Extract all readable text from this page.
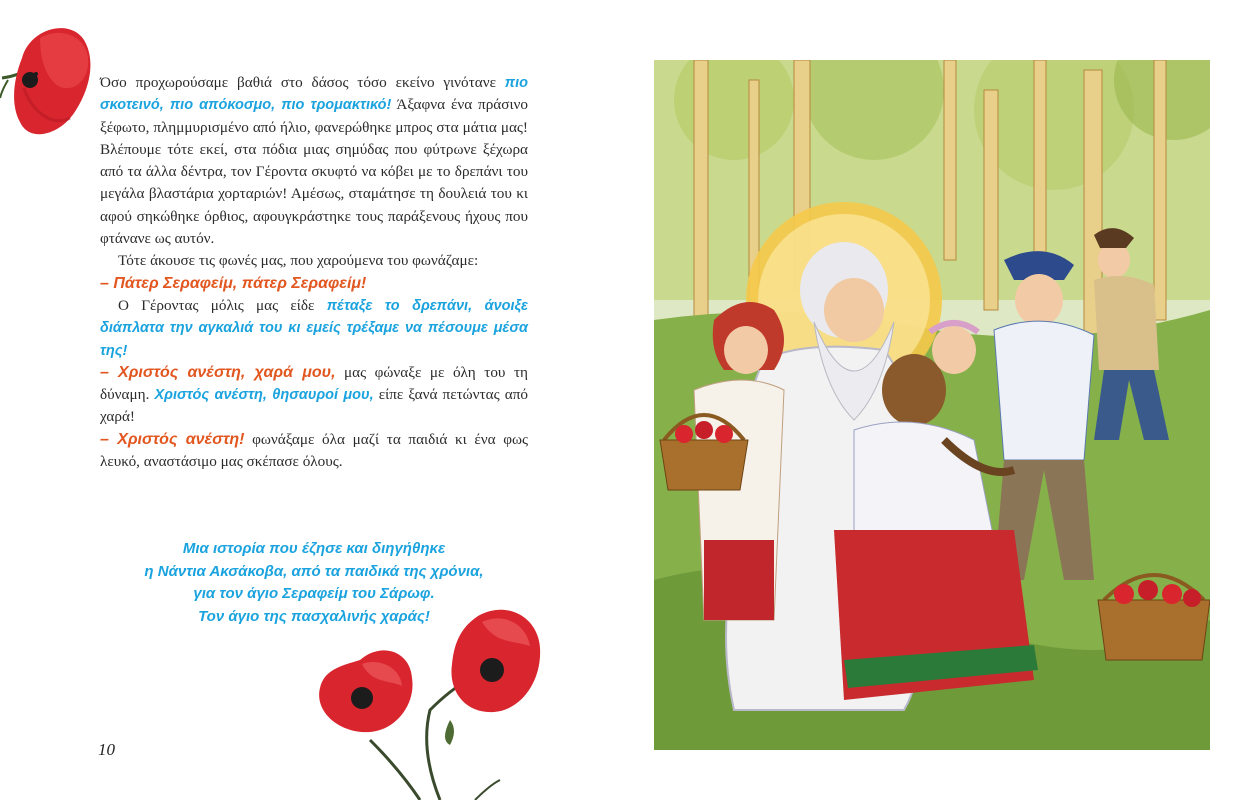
Όσο προχωρούσαμε βαθιά στο δάσος τόσο εκείνο γινότανε πιο σκοτεινό, πιο απόκοσμο, πιο τρομακτικό! Άξαφνα ένα πράσινο ξέφωτο, πλημμυρισμένο από ήλιο, φανερώθηκε μπρος στα μάτια μας! Βλέπουμε τότε εκεί, στα πόδια μιας σημύδας που φύτρωνε ξέχωρα από τα άλλα δέντρα, τον Γέροντα σκυφτό να κόβει με το δρεπάνι του μεγάλα βλαστάρια χορταριών! Αμέσως, σταμάτησε τη δουλειά του κι αφού σηκώθηκε όρθιος, αφουγκράστηκε τους παράξενους ήχους που φτάνανε ως αυτόν.

Τότε άκουσε τις φωνές μας, που χαρούμενα του φωνάζαμε:

– Πάτερ Σεραφείμ, πάτερ Σεραφείμ!

Ο Γέροντας μόλις μας είδε πέταξε το δρεπάνι, άνοιξε διάπλατα την αγκαλιά του κι εμείς τρέξαμε να πέσουμε μέσα της!

– Χριστός ανέστη, χαρά μου, μας φώναξε με όλη του τη δύναμη. Χριστός ανέστη, θησαυροί μου, είπε ξανά πετώντας από χαρά!

– Χριστός ανέστη! φωνάξαμε όλα μαζί τα παιδιά κι ένα φως λευκό, αναστάσιμο μας σκέπασε όλους.

Μια ιστορία που έζησε και διηγήθηκε
η Νάντια Ακσάκοβα, από τα παιδικά της χρόνια,
για τον άγιο Σεραφείμ του Σάρωφ.
Τον άγιο της πασχαλινής χαράς!
10
